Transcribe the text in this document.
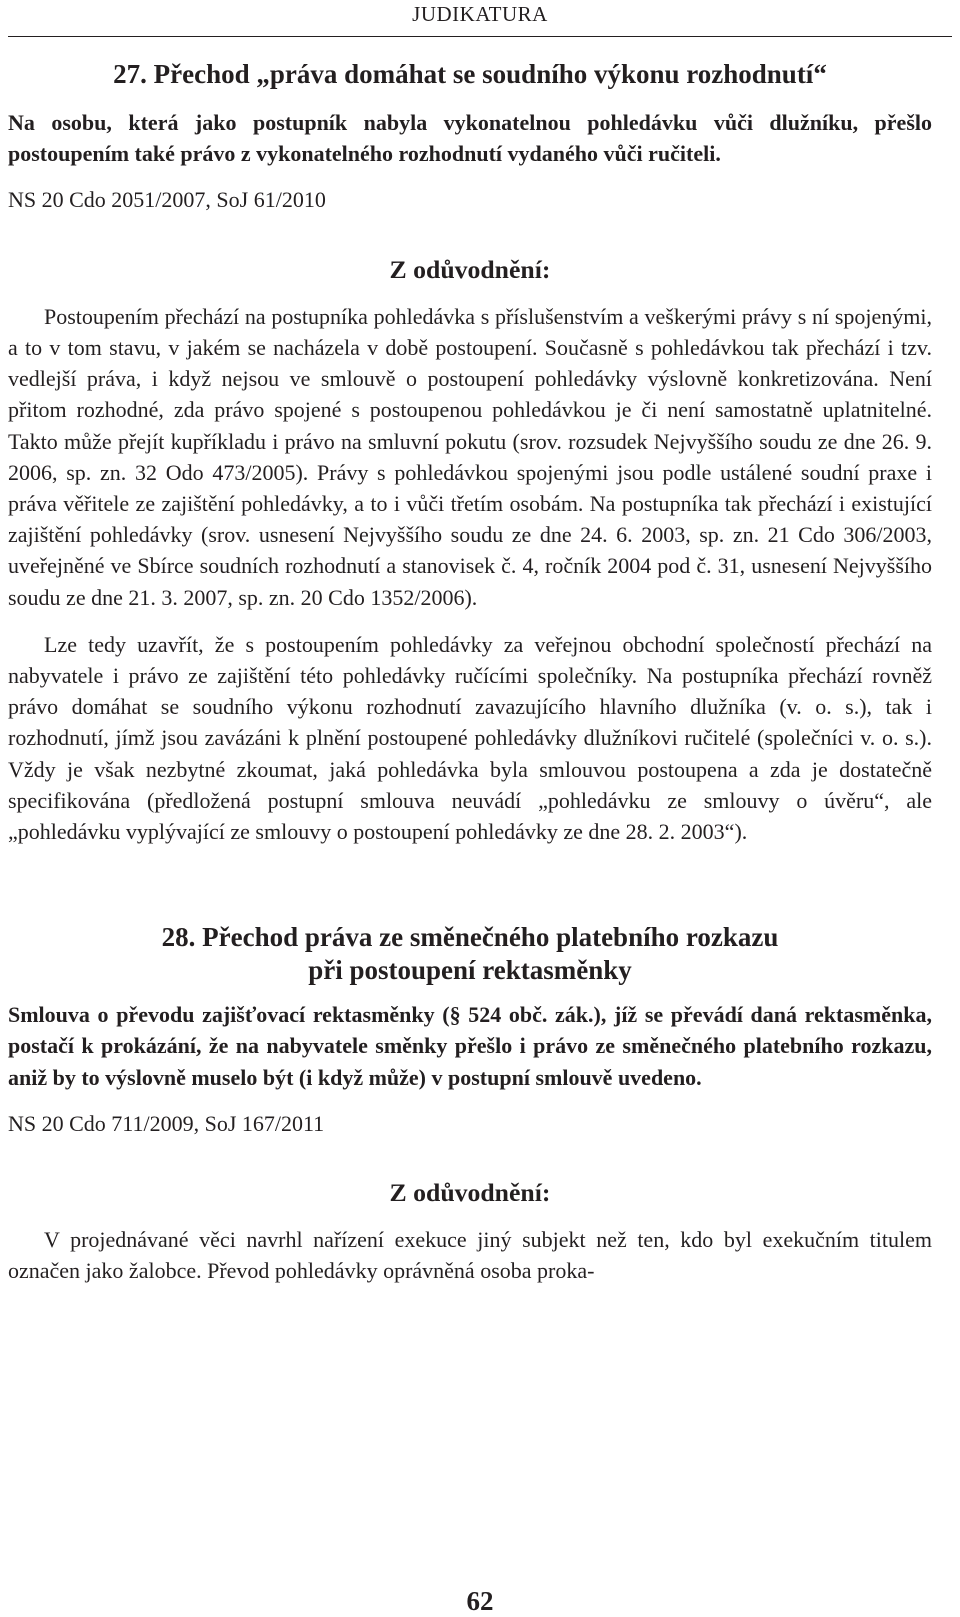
JUDIKATURA
27. Přechod „práva domáhat se soudního výkonu rozhodnutí“

Na osobu, která jako postupník nabyla vykonatelnou pohledávku vůči dlužníku, přešlo postoupením také právo z vykonatelného rozhodnutí vydaného vůči ručiteli.

NS 20 Cdo 2051/2007, SoJ 61/2010

Z odůvodnění:

Postoupením přechází na postupníka pohledávka s příslušenstvím a veškerými právy s ní spojenými, a to v tom stavu, v jakém se nacházela v době postoupení. Současně s pohledávkou tak přechází i tzv. vedlejší práva, i když nejsou ve smlouvě o postoupení pohledávky výslovně konkretizována. Není přitom rozhodné, zda právo spojené s postoupenou pohledávkou je či není samostatně uplatnitelné. Takto může přejít kupříkladu i právo na smluvní pokutu (srov. rozsudek Nejvyššího soudu ze dne 26. 9. 2006, sp. zn. 32 Odo 473/2005). Právy s pohledávkou spojenými jsou podle ustálené soudní praxe i práva věřitele ze zajištění pohledávky, a to i vůči třetím osobám. Na postupníka tak přechází i existující zajištění pohledávky (srov. usnesení Nejvyššího soudu ze dne 24. 6. 2003, sp. zn. 21 Cdo 306/2003, uveřejněné ve Sbírce soudních rozhodnutí a stanovisek č. 4, ročník 2004 pod č. 31, usnesení Nejvyššího soudu ze dne 21. 3. 2007, sp. zn. 20 Cdo 1352/2006).

Lze tedy uzavřít, že s postoupením pohledávky za veřejnou obchodní společností přechází na nabyvatele i právo ze zajištění této pohledávky ručícími společníky. Na postupníka přechází rovněž právo domáhat se soudního výkonu rozhodnutí zavazujícího hlavního dlužníka (v. o. s.), tak i rozhodnutí, jímž jsou zavázáni k plnění postoupené pohledávky dlužníkovi ručitelé (společníci v. o. s.). Vždy je však nezbytné zkoumat, jaká pohledávka byla smlouvou postoupena a zda je dostatečně specifikována (předložená postupní smlouva neuvádí „pohledávku ze smlouvy o úvěru“, ale „pohledávku vyplývající ze smlouvy o postoupení pohledávky ze dne 28. 2. 2003“).

28. Přechod práva ze směnečného platebního rozkazu
při postoupení rektasměnky

Smlouva o převodu zajišťovací rektasměnky (§ 524 obč. zák.), jíž se převádí daná rektasměnka, postačí k prokázání, že na nabyvatele směnky přešlo i právo ze směnečného platebního rozkazu, aniž by to výslovně muselo být (i když může) v postupní smlouvě uvedeno.

NS 20 Cdo 711/2009, SoJ 167/2011

Z odůvodnění:

V projednávané věci navrhl nařízení exekuce jiný subjekt než ten, kdo byl exekučním titulem označen jako žalobce. Převod pohledávky oprávněná osoba proka-

62
